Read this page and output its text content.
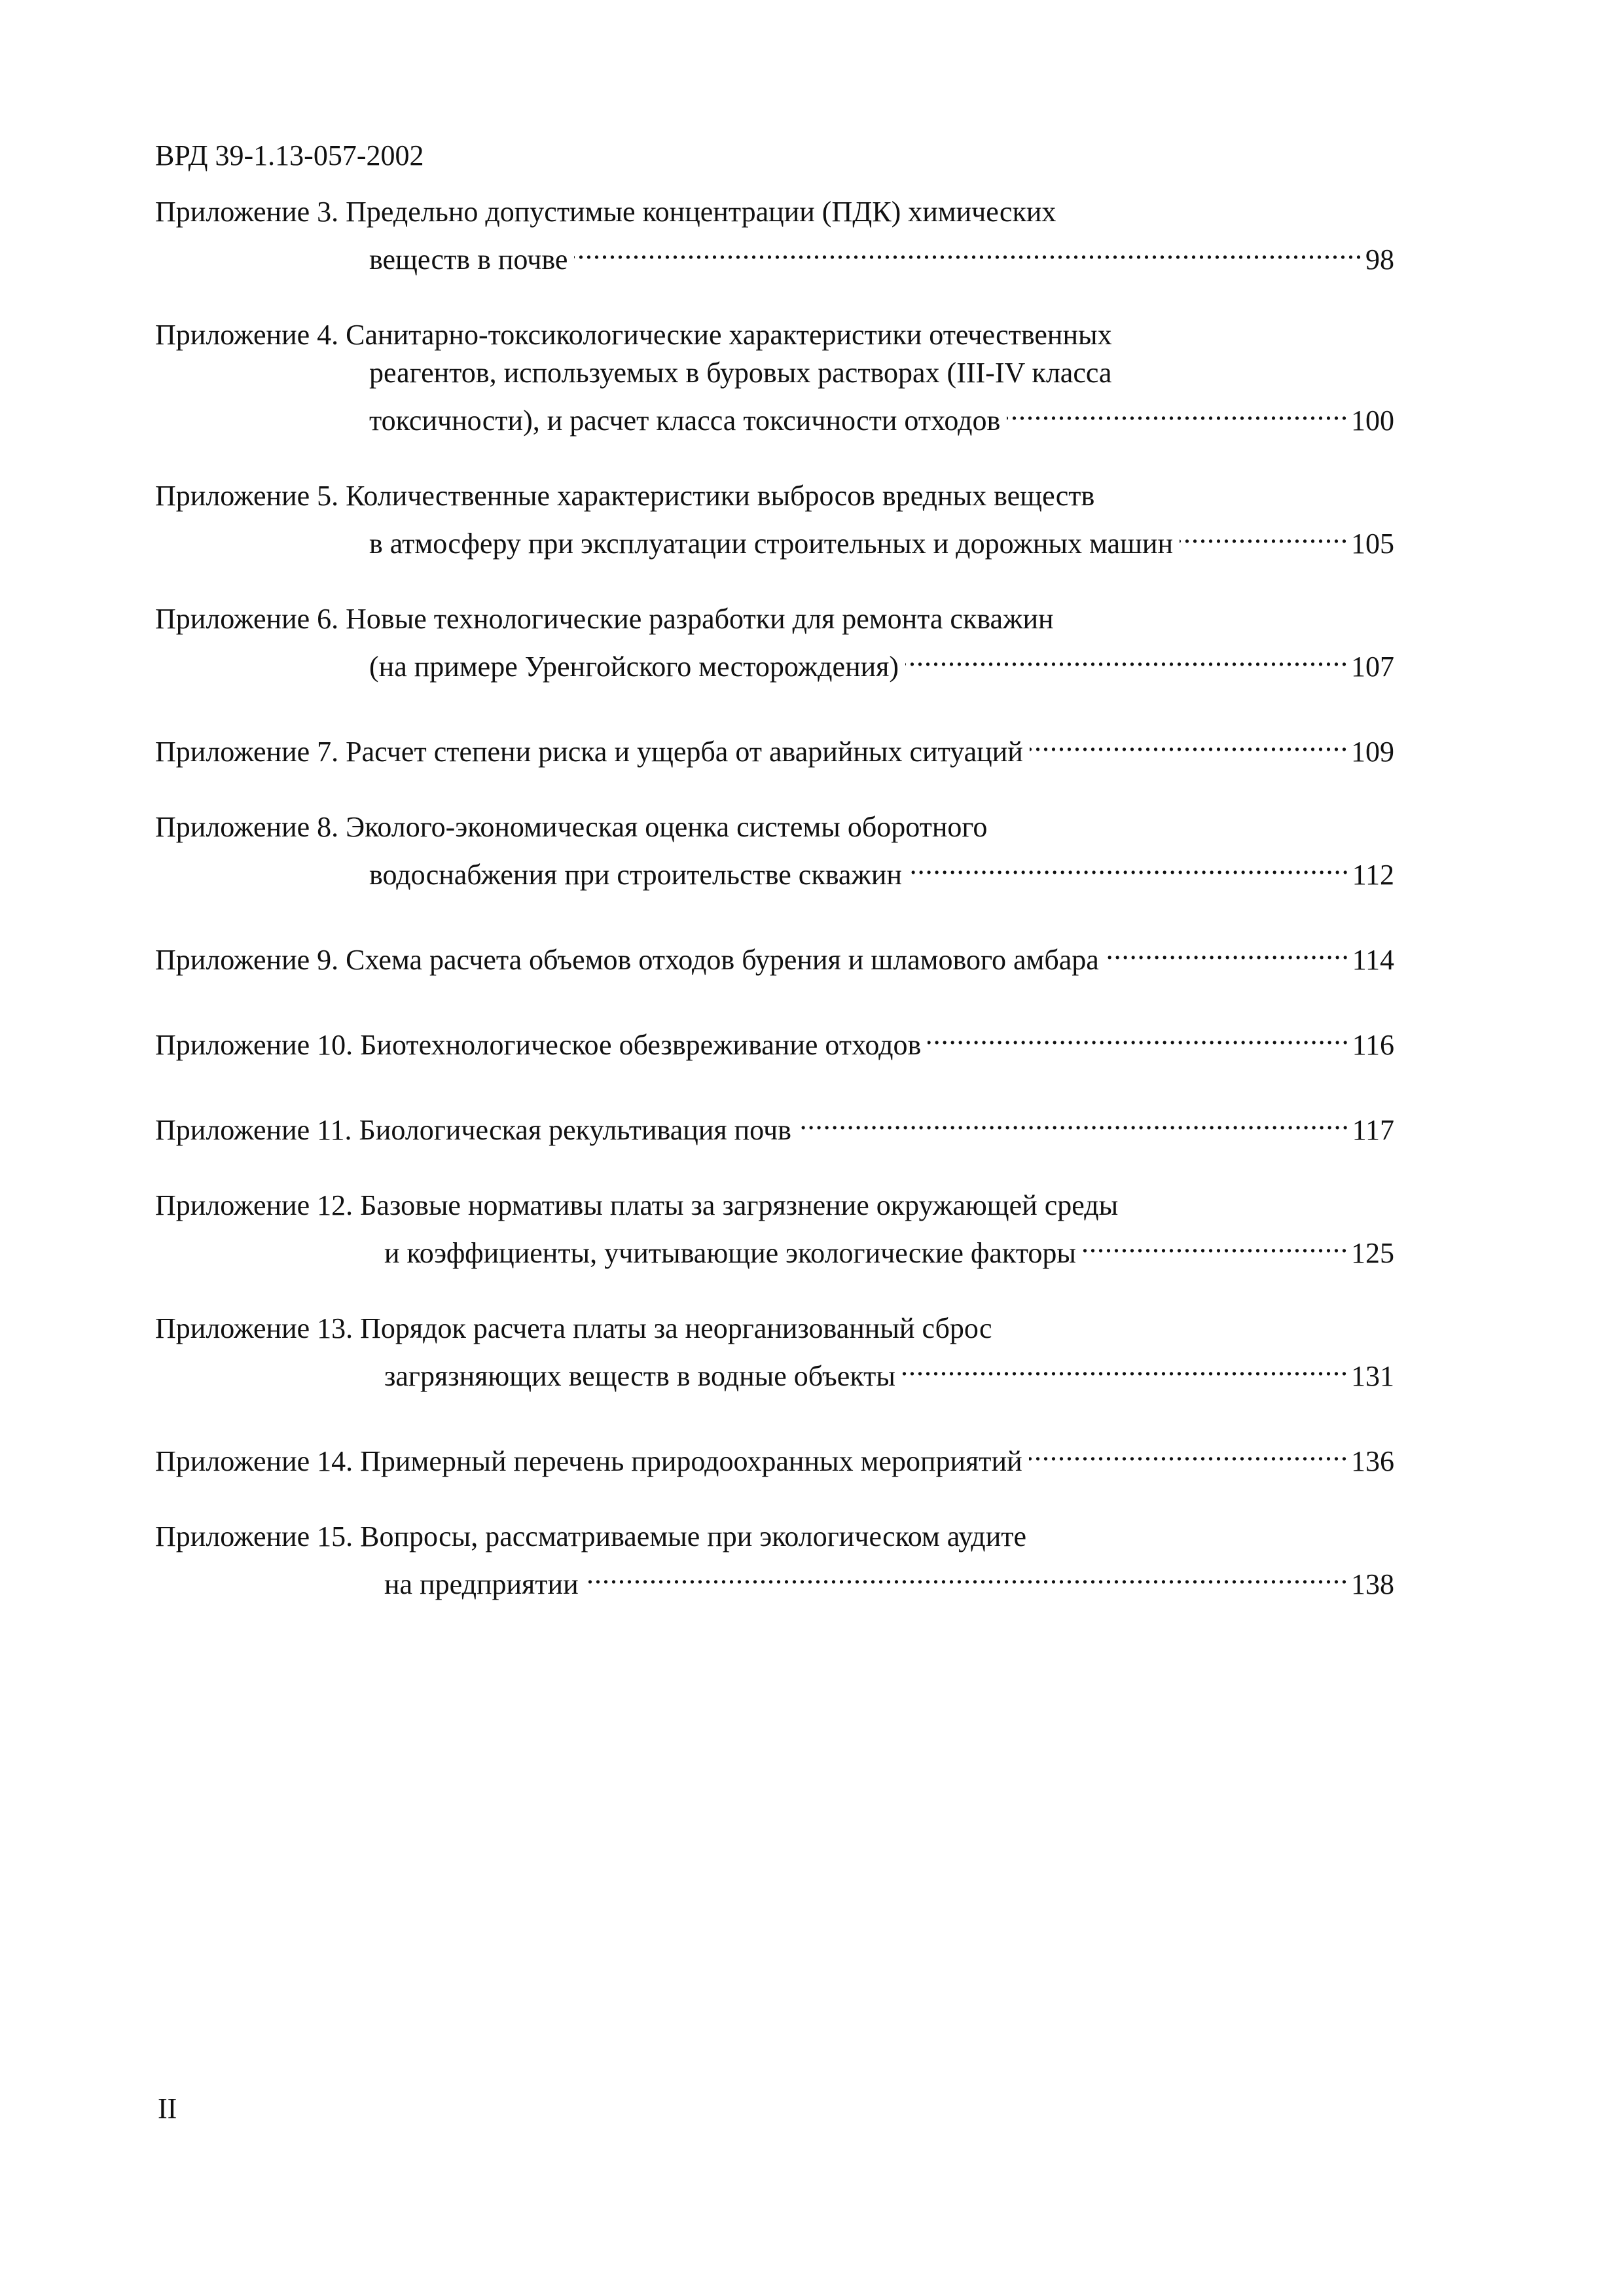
ВРД 39-1.13-057-2002
Приложение 3.
Предельно допустимые концентрации (ПДК) химических
веществ в почве .....	98
Приложение 4.
Санитарно-токсикологические характеристики отечественных
реагентов, используемых в буровых растворах (III-IV класса
токсичности), и расчет класса токсичности отходов .....	100
Приложение 5.
Количественные характеристики выбросов вредных веществ
в атмосферу при эксплуатации строительных и дорожных машин .....	105
Приложение 6.
Новые технологические разработки для ремонта скважин
(на примере Уренгойского месторождения) .....	107
Приложение 7.
Расчет степени риска и ущерба от аварийных ситуаций .....	109
Приложение 8.
Эколого-экономическая оценка системы оборотного
водоснабжения при строительстве скважин .....	112
Приложение 9.
Схема расчета объемов отходов бурения и шламового амбара .....	114
Приложение 10.
Биотехнологическое обезвреживание отходов .....	116
Приложение 11.
Биологическая рекультивация почв .....	117
Приложение 12.
Базовые нормативы платы за загрязнение окружающей среды
и коэффициенты, учитывающие экологические факторы .....	125
Приложение 13.
Порядок расчета платы за неорганизованный сброс
загрязняющих веществ в водные объекты .....	131
Приложение 14.
Примерный перечень природоохранных мероприятий .....	136
Приложение 15.
Вопросы, рассматриваемые при экологическом аудите
на предприятии .....	138
II
